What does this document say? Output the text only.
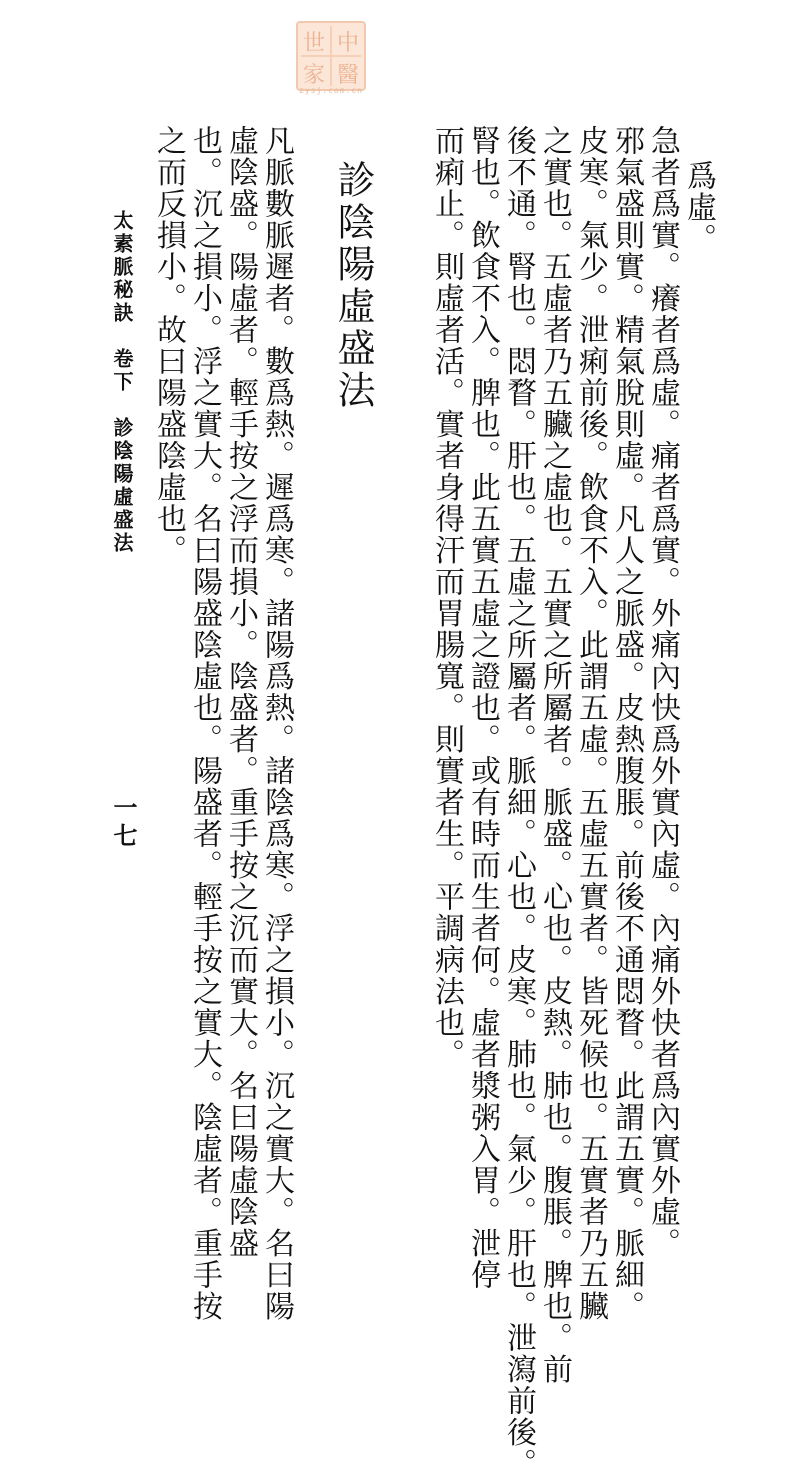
世 中
家 醫
zysj.com.cn
爲虛。
急者爲實。癢者爲虛。痛者爲實。外痛內快爲外實內虛。內痛外快者爲內實外虛。
邪氣盛則實。精氣脫則虛。凡人之脈盛。皮熱腹脹。前後不通悶瞀。此謂五實。脈細。
皮寒。氣少。泄痢前後。飲食不入。此謂五虛。五虛五實者。皆死候也。五實者乃五臟
之實也。五虛者乃五臟之虛也。五實之所屬者。脈盛。心也。皮熱。肺也。腹脹。脾也。前
後不通。腎也。悶瞀。肝也。五虛之所屬者。脈細。心也。皮寒。肺也。氣少。肝也。泄瀉前後。
腎也。飲食不入。脾也。此五實五虛之證也。或有時而生者何。虛者漿粥入胃。泄停
而痢止。則虛者活。實者身得汗而胃腸寬。則實者生。平調病法也。
診陰陽虛盛法
凡脈數脈遲者。數爲熱。遲爲寒。諸陽爲熱。諸陰爲寒。浮之損小。沉之實大。名曰陽
虛陰盛。陽虛者。輕手按之浮而損小。陰盛者。重手按之沉而實大。名曰陽虛陰盛
也。沉之損小。浮之實大。名曰陽盛陰虛也。陽盛者。輕手按之實大。陰虛者。重手按
之而反損小。故曰陽盛陰虛也。
太素脈秘訣　卷下　診陰陽虛盛法
一七
